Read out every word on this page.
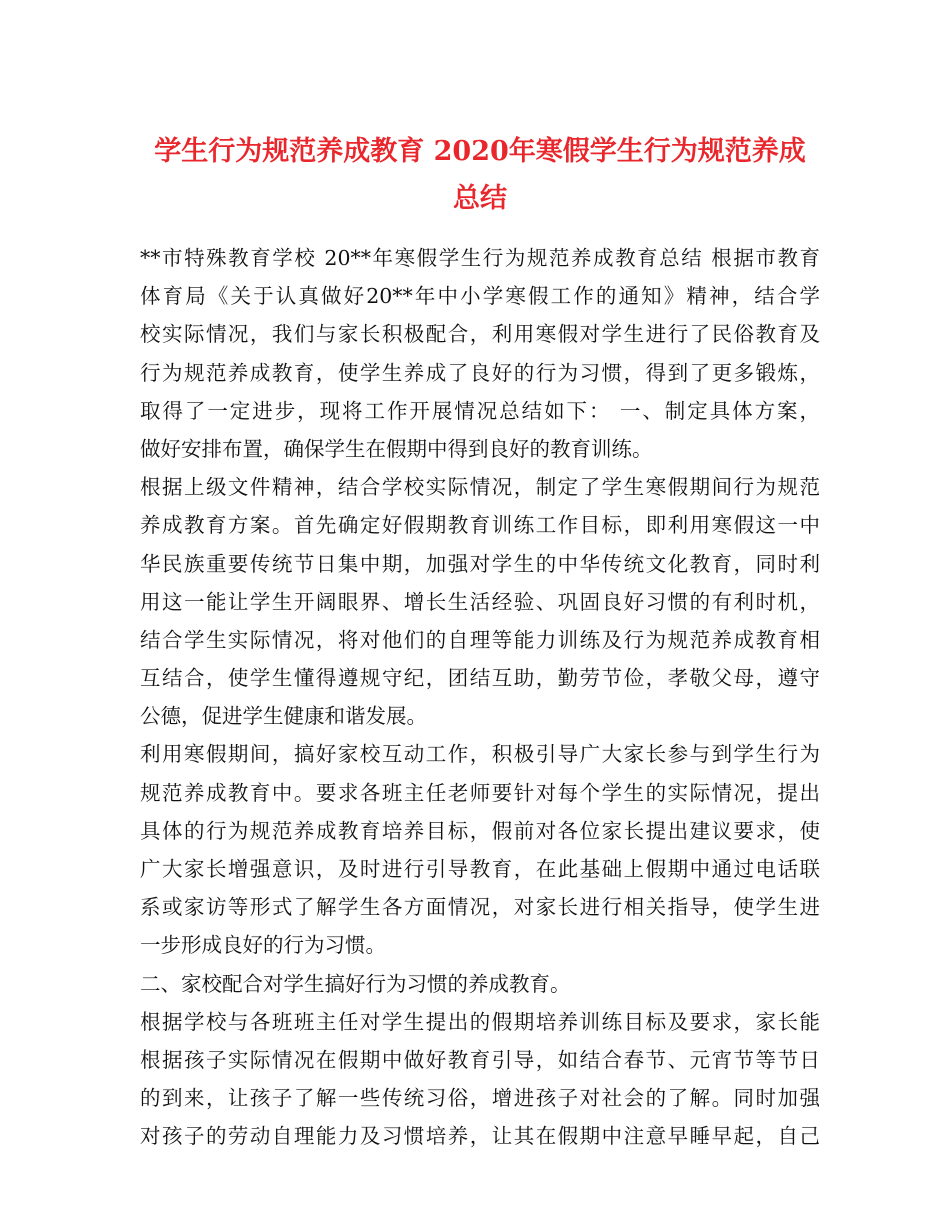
学生行为规范养成教育 2020年寒假学生行为规范养成
总结
**市特殊教育学校 20**年寒假学生行为规范养成教育总结 根据市教育
体育局《关于认真做好20**年中小学寒假工作的通知》精神，结合学
校实际情况，我们与家长积极配合，利用寒假对学生进行了民俗教育及
行为规范养成教育，使学生养成了良好的行为习惯，得到了更多锻炼，
取得了一定进步，现将工作开展情况总结如下： 一、制定具体方案，
做好安排布置，确保学生在假期中得到良好的教育训练。
根据上级文件精神，结合学校实际情况，制定了学生寒假期间行为规范
养成教育方案。首先确定好假期教育训练工作目标，即利用寒假这一中
华民族重要传统节日集中期，加强对学生的中华传统文化教育，同时利
用这一能让学生开阔眼界、增长生活经验、巩固良好习惯的有利时机，
结合学生实际情况，将对他们的自理等能力训练及行为规范养成教育相
互结合，使学生懂得遵规守纪，团结互助，勤劳节俭，孝敬父母，遵守
公德，促进学生健康和谐发展。
利用寒假期间，搞好家校互动工作，积极引导广大家长参与到学生行为
规范养成教育中。要求各班主任老师要针对每个学生的实际情况，提出
具体的行为规范养成教育培养目标，假前对各位家长提出建议要求，使
广大家长增强意识，及时进行引导教育，在此基础上假期中通过电话联
系或家访等形式了解学生各方面情况，对家长进行相关指导，使学生进
一步形成良好的行为习惯。
二、家校配合对学生搞好行为习惯的养成教育。
根据学校与各班班主任对学生提出的假期培养训练目标及要求，家长能
根据孩子实际情况在假期中做好教育引导，如结合春节、元宵节等节日
的到来，让孩子了解一些传统习俗，增进孩子对社会的了解。同时加强
对孩子的劳动自理能力及习惯培养，让其在假期中注意早睡早起，自己
